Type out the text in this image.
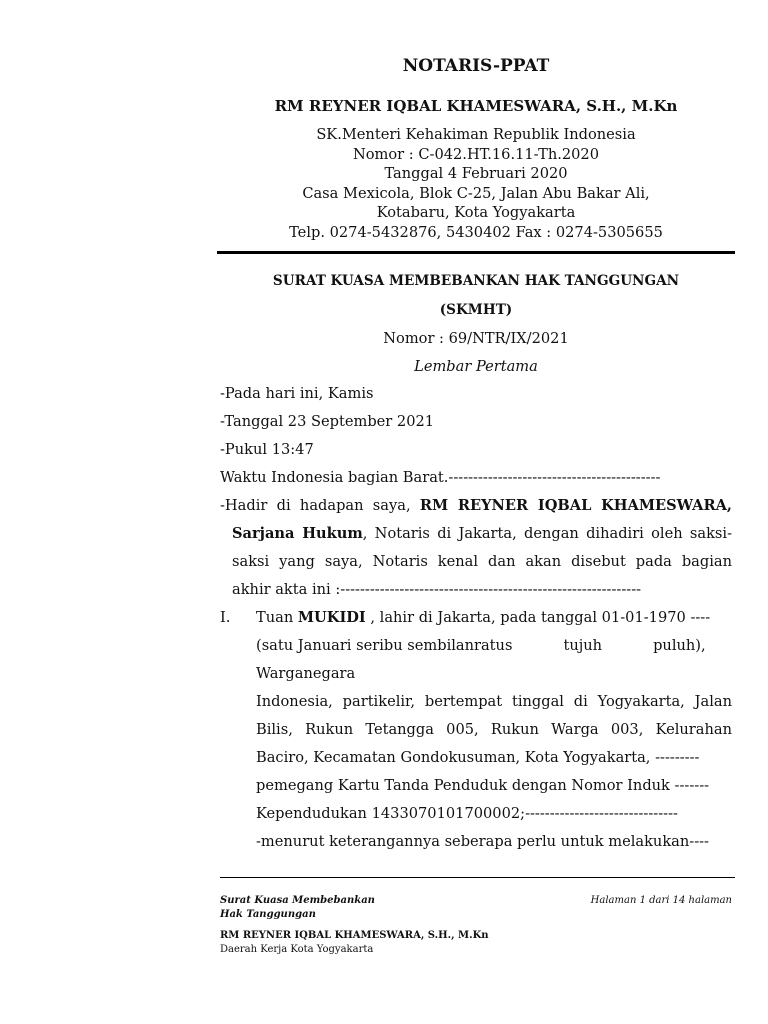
NOTARIS-PPAT
RM REYNER IQBAL KHAMESWARA, S.H., M.Kn
SK.Menteri Kehakiman Republik Indonesia
Nomor : C-042.HT.16.11-Th.2020
Tanggal 4 Februari 2020
Casa Mexicola, Blok C-25, Jalan Abu Bakar Ali,
Kotabaru, Kota Yogyakarta
Telp. 0274-5432876, 5430402 Fax : 0274-5305655
SURAT KUASA MEMBEBANKAN HAK TANGGUNGAN
(SKMHT)
Nomor : 69/NTR/IX/2021
Lembar Pertama
-Pada hari ini, Kamis
-Tanggal 23 September 2021
-Pukul 13:47
Waktu Indonesia bagian Barat.-------------------------------------------
-Hadir di hadapan saya, RM REYNER IQBAL KHAMESWARA,
Sarjana Hukum, Notaris di Jakarta, dengan dihadiri oleh saksi-
saksi yang saya, Notaris kenal dan akan disebut pada bagian
akhir akta ini :-------------------------------------------------------------
I.	Tuan MUKIDI , lahir di Jakarta, pada tanggal 01-01-1970 ----
(satu Januari seribu sembilanratus           tujuh           puluh),
Warganegara
Indonesia, partikelir, bertempat tinggal di Yogyakarta, Jalan
Bilis, Rukun Tetangga 005, Rukun Warga 003, Kelurahan
Baciro, Kecamatan Gondokusuman, Kota Yogyakarta, ---------
pemegang Kartu Tanda Penduduk dengan Nomor Induk -------
Kependudukan 1433070101700002;-------------------------------
-menurut keterangannya seberapa perlu untuk melakukan----
Surat Kuasa Membebankan
Hak Tanggungan
Halaman 1 dari 14 halaman
RM REYNER IQBAL KHAMESWARA, S.H., M.Kn
Daerah Kerja Kota Yogyakarta
